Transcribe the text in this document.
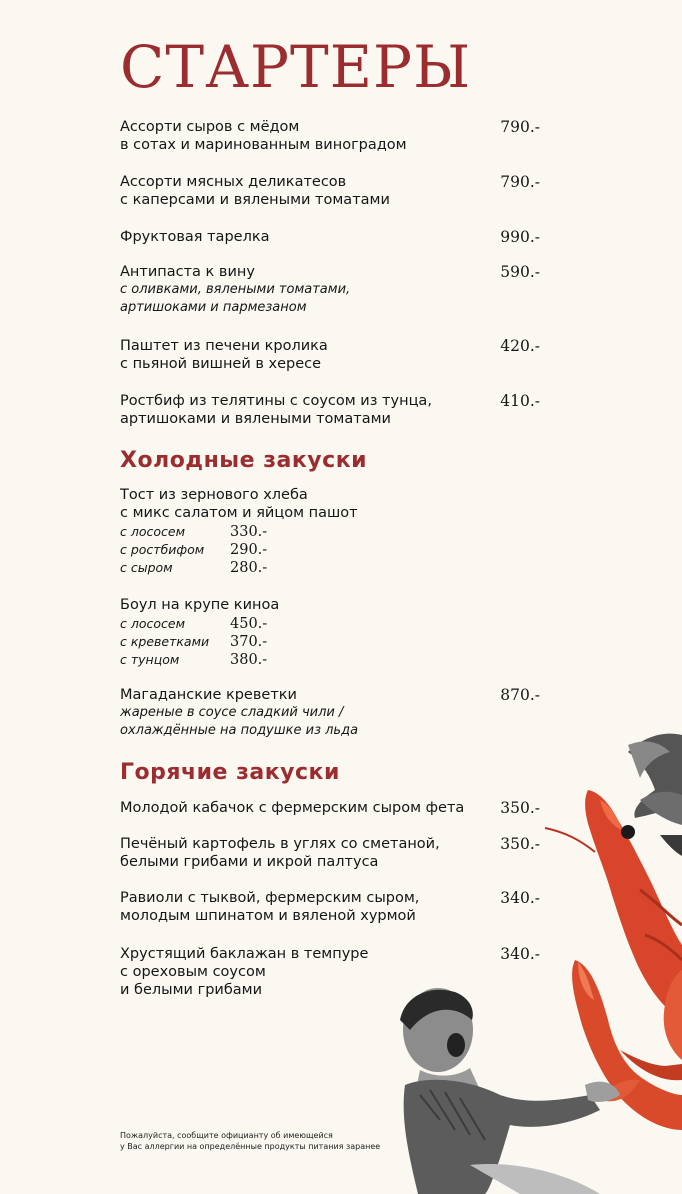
СТАРТЕРЫ
Ассорти сыров с мёдом
в сотах и маринованным виноградом
790.-
Ассорти мясных деликатесов
с каперсами и вялеными томатами
790.-
Фруктовая тарелка	990.-
Антипаста к вину
с оливками, вялеными томатами,
артишоками и пармезаном
590.-
Паштет из печени кролика
с пьяной вишней в хересе
420.-
Ростбиф из телятины с соусом из тунца,
артишоками и вялеными томатами
410.-
Холодные закуски
Тост из зернового хлеба
с микс салатом и яйцом пашот
с лососем	330.-
с ростбифом	290.-
с сыром	280.-
Боул на крупе киноа
с лососем	450.-
с креветками	370.-
с тунцом	380.-
Магаданские креветки
жареные в соусе сладкий чили /
охлаждённые на подушке из льда
870.-
Горячие закуски
Молодой кабачок с фермерским сыром фета	350.-
Печёный картофель в углях со сметаной,
белыми грибами и икрой палтуса
350.-
Равиоли с тыквой, фермерским сыром,
молодым шпинатом и вяленой хурмой
340.-
Хрустящий баклажан в темпуре
с ореховым соусом
и белыми грибами
340.-
Пожалуйста, сообщите официанту об имеющейся
у Вас аллергии на определённые продукты питания заранее
